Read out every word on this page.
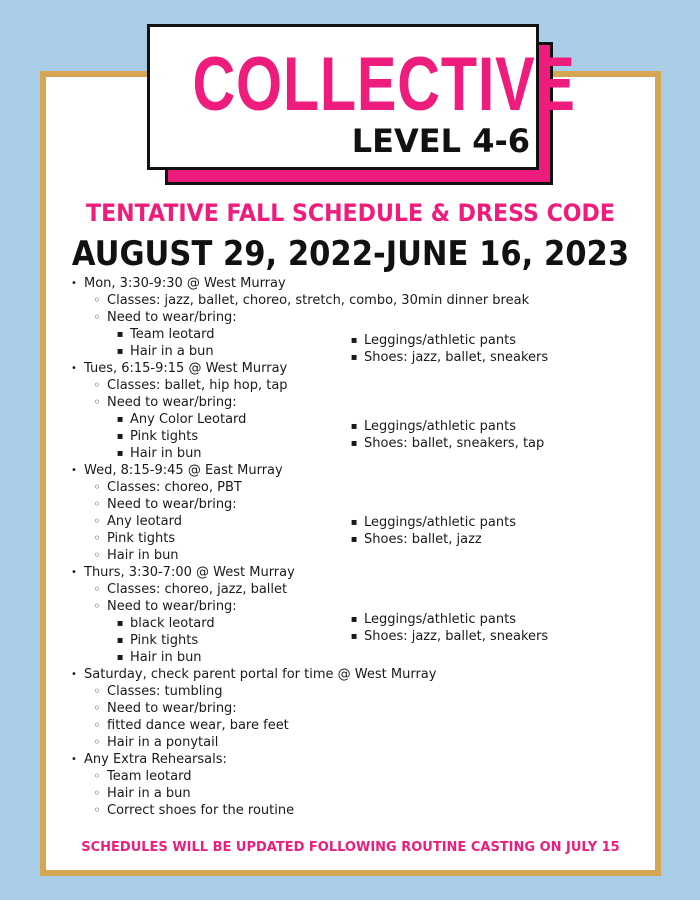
COLLECTIVE
LEVEL 4-6
TENTATIVE FALL SCHEDULE & DRESS CODE
AUGUST 29, 2022-JUNE 16, 2023
• Mon, 3:30-9:30 @ West Murray
◦ Classes: jazz, ballet, choreo, stretch, combo, 30min dinner break
◦ Need to wear/bring:
▪ Team leotard
▪ Hair in a bun
▪ Leggings/athletic pants
▪ Shoes: jazz, ballet, sneakers
• Tues, 6:15-9:15 @ West Murray
◦ Classes: ballet, hip hop, tap
◦ Need to wear/bring:
▪ Any Color Leotard
▪ Pink tights
▪ Hair in bun
▪ Leggings/athletic pants
▪ Shoes: ballet, sneakers, tap
• Wed, 8:15-9:45 @ East Murray
◦ Classes: choreo, PBT
◦ Need to wear/bring:
◦ Any leotard
◦ Pink tights
◦ Hair in bun
▪ Leggings/athletic pants
▪ Shoes: ballet, jazz
• Thurs, 3:30-7:00 @ West Murray
◦ Classes: choreo, jazz, ballet
◦ Need to wear/bring:
▪ black leotard
▪ Pink tights
▪ Hair in bun
▪ Leggings/athletic pants
▪ Shoes: jazz, ballet, sneakers
• Saturday, check parent portal for time @ West Murray
◦ Classes: tumbling
◦ Need to wear/bring:
◦ fitted dance wear, bare feet
◦ Hair in a ponytail
• Any Extra Rehearsals:
◦ Team leotard
◦ Hair in a bun
◦ Correct shoes for the routine
SCHEDULES WILL BE UPDATED FOLLOWING ROUTINE CASTING ON JULY 15
